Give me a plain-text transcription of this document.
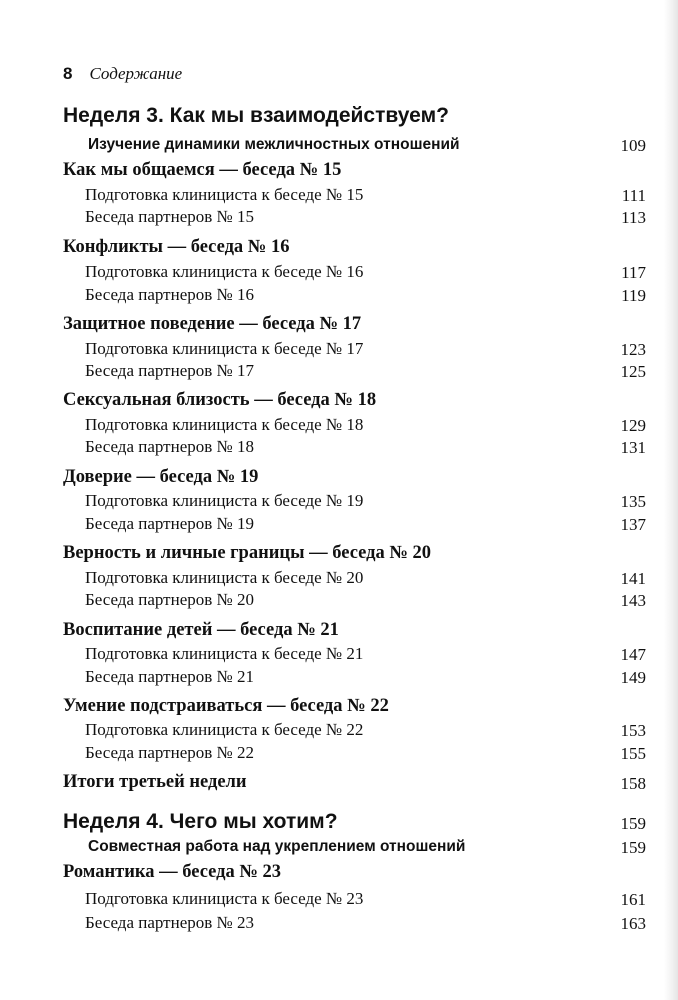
8 Содержание
Неделя 3. Как мы взаимодействуем?
Изучение динамики межличностных отношений	109
Как мы общаемся — беседа № 15
Подготовка клинициста к беседе № 15	111
Беседа партнеров № 15	113
Конфликты — беседа № 16
Подготовка клинициста к беседе № 16	117
Беседа партнеров № 16	119
Защитное поведение — беседа № 17
Подготовка клинициста к беседе № 17	123
Беседа партнеров № 17	125
Сексуальная близость — беседа № 18
Подготовка клинициста к беседе № 18	129
Беседа партнеров № 18	131
Доверие — беседа № 19
Подготовка клинициста к беседе № 19	135
Беседа партнеров № 19	137
Верность и личные границы — беседа № 20
Подготовка клинициста к беседе № 20	141
Беседа партнеров № 20	143
Воспитание детей — беседа № 21
Подготовка клинициста к беседе № 21	147
Беседа партнеров № 21	149
Умение подстраиваться — беседа № 22
Подготовка клинициста к беседе № 22	153
Беседа партнеров № 22	155
Итоги третьей недели	158
Неделя 4. Чего мы хотим?	159
Совместная работа над укреплением отношений	159
Романтика — беседа № 23
Подготовка клинициста к беседе № 23	161
Беседа партнеров № 23	163
